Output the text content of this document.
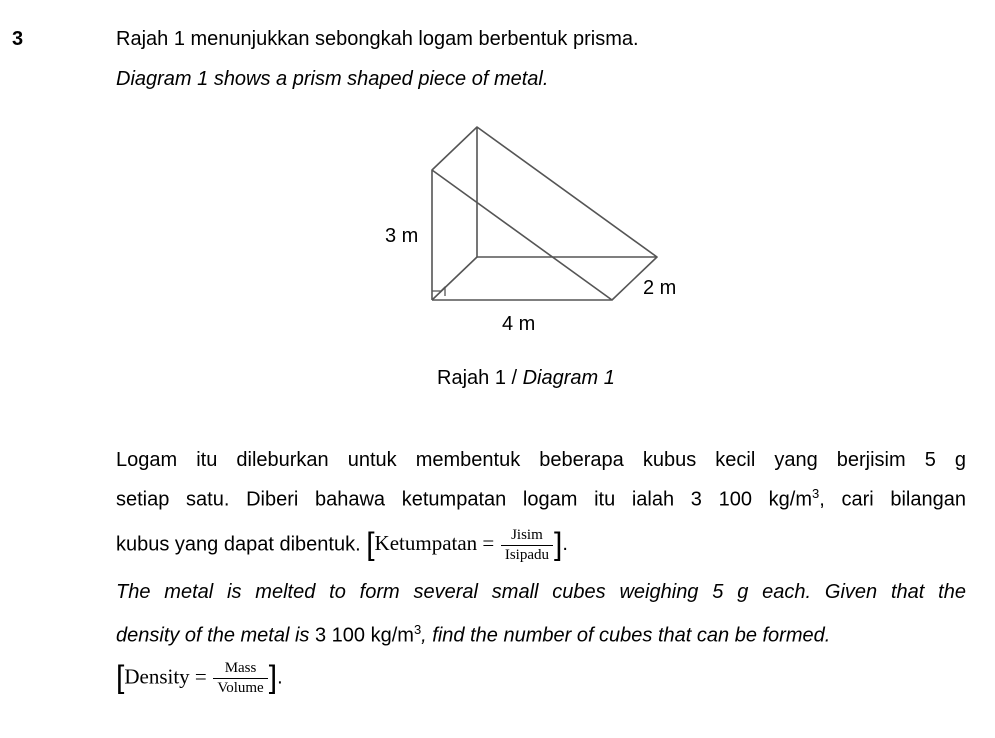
3	Rajah 1 menunjukkan sebongkah logam berbentuk prisma.
Diagram 1 shows a prism shaped piece of metal.
3 m
2 m
4 m
Rajah 1 / Diagram 1
Logam itu dileburkan untuk membentuk beberapa kubus kecil yang berjisim 5 g
setiap satu. Diberi bahawa ketumpatan logam itu ialah 3 100 $kg/m^3$, cari bilangan
kubus yang dapat dibentuk. [Ketumpatan = $\frac{\text{Jisim}}{\text{Isipadu}}$ ].
The metal is melted to form several small cubes weighing 5 g each. Given that the
density of the metal is 3 100 $kg/m^3$, find the number of cubes that can be formed.
[Density = $\frac{\text{Mass}}{\text{Volume}}$ ].
